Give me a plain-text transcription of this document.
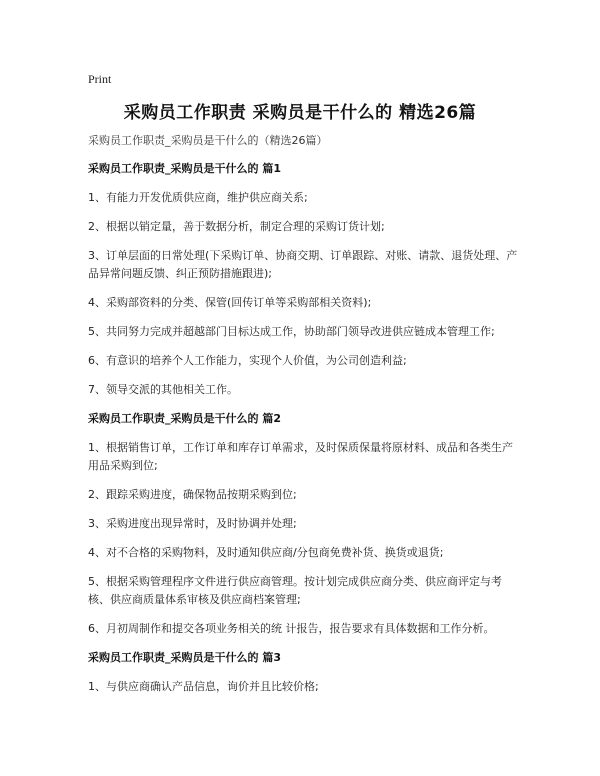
Print
采购员工作职责 采购员是干什么的 精选26篇

采购员工作职责_采购员是干什么的（精选26篇）

采购员工作职责_采购员是干什么的 篇1

1、有能力开发优质供应商，维护供应商关系;

2、根据以销定量，善于数据分析，制定合理的采购订货计划;

3、订单层面的日常处理(下采购订单、协商交期、订单跟踪、对账、请款、退货处理、产品异常问题反馈、纠正预防措施跟进);

4、采购部资料的分类、保管(回传订单等采购部相关资料);

5、共同努力完成并超越部门目标达成工作，协助部门领导改进供应链成本管理工作;

6、有意识的培养个人工作能力，实现个人价值，为公司创造利益;

7、领导交派的其他相关工作。

采购员工作职责_采购员是干什么的 篇2

1、根据销售订单，工作订单和库存订单需求，及时保质保量将原材料、成品和各类生产用品采购到位;

2、跟踪采购进度，确保物品按期采购到位;

3、采购进度出现异常时，及时协调并处理;

4、对不合格的采购物料，及时通知供应商/分包商免费补货、换货或退货;

5、根据采购管理程序文件进行供应商管理。按计划完成供应商分类、供应商评定与考核、供应商质量体系审核及供应商档案管理;

6、月初周制作和提交各项业务相关的统 计报告，报告要求有具体数据和工作分析。

采购员工作职责_采购员是干什么的 篇3

1、与供应商确认产品信息，询价并且比较价格;
